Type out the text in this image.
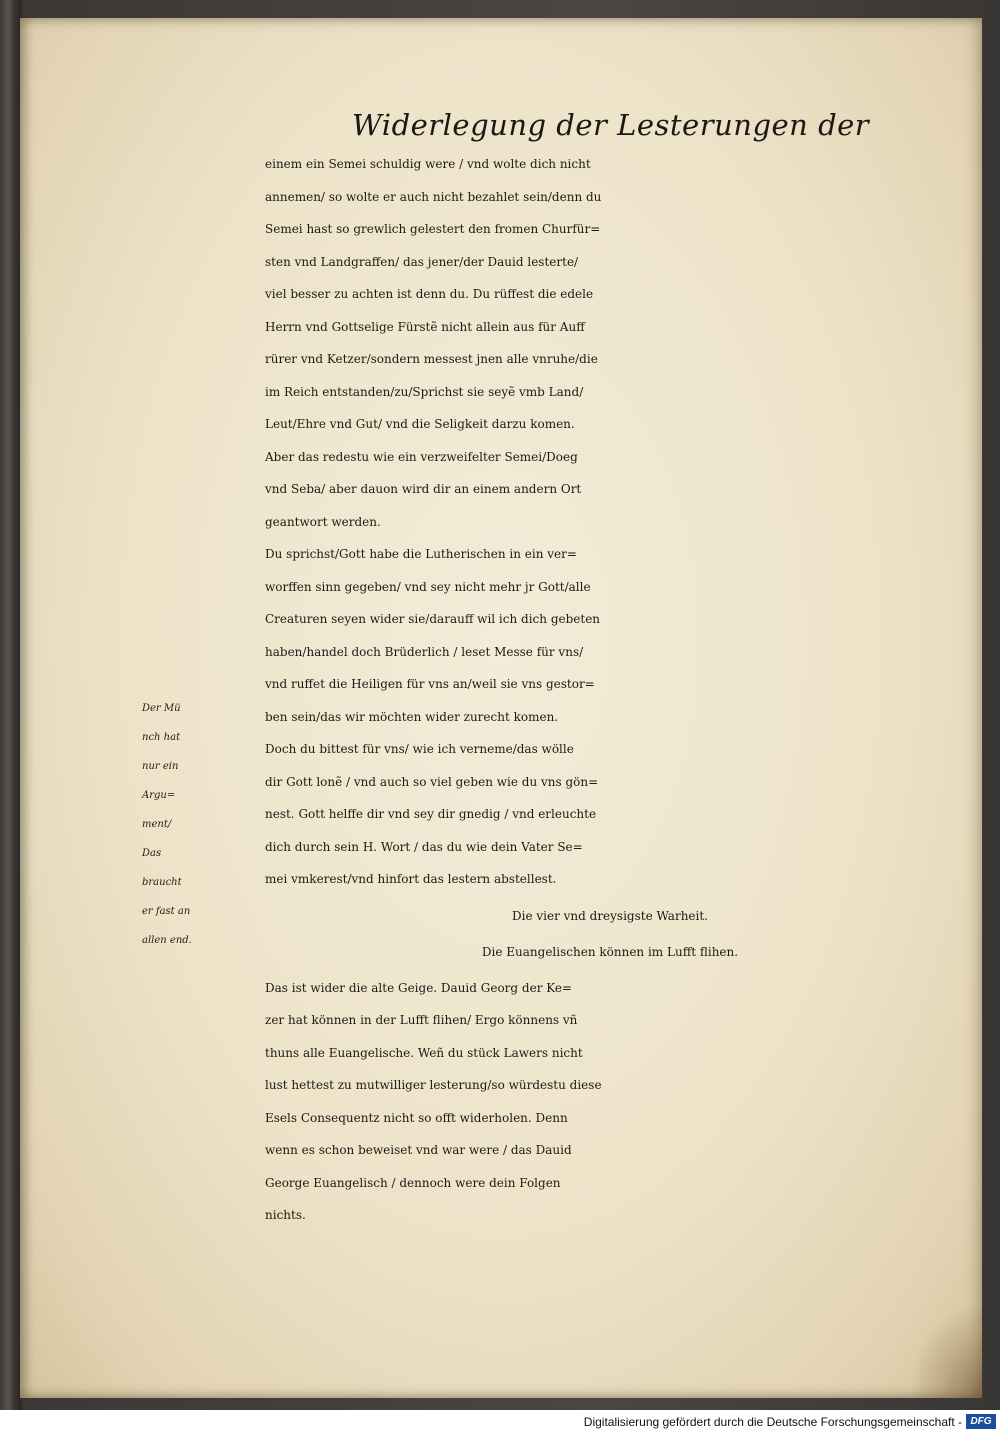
Widerlegung der Lesterungen der
einem ein Semei schuldig were / vnd wolte dich nicht
annemen/ so wolte er auch nicht bezahlet sein/denn du
Semei hast so grewlich gelestert den fromen Churfür=
sten vnd Landgraffen/ das jener/der Dauid lesterte/
viel besser zu achten ist denn du. Du rüffest die edele
Herrn vnd Gottselige Fürstẽ nicht allein aus für Auff
rürer vnd Ketzer/sondern messest jnen alle vnruhe/die
im Reich entstanden/zu/Sprichst sie seyẽ vmb Land/
Leut/Ehre vnd Gut/ vnd die Seligkeit darzu komen.
Aber das redestu wie ein verzweifelter Semei/Doeg
vnd Seba/ aber dauon wird dir an einem andern Ort
geantwort werden.
Du sprichst/Gott habe die Lutherischen in ein ver=
worffen sinn gegeben/ vnd sey nicht mehr jr Gott/alle
Creaturen seyen wider sie/darauff wil ich dich gebeten
haben/handel doch Brüderlich / leset Messe für vns/
vnd ruffet die Heiligen für vns an/weil sie vns gestor=
ben sein/das wir möchten wider zurecht komen.
Doch du bittest für vns/ wie ich verneme/das wölle
dir Gott lonẽ / vnd auch so viel geben wie du vns gön=
nest. Gott helffe dir vnd sey dir gnedig / vnd erleuchte
dich durch sein H. Wort / das du wie dein Vater Se=
mei vmkerest/vnd hinfort das lestern abstellest.
Die vier vnd dreysigste Warheit.
Die Euangelischen können im Lufft flihen.
Das ist wider die alte Geige. Dauid Georg der Ke=
zer hat können in der Lufft flihen/ Ergo könnens vñ
thuns alle Euangelische. Weñ du stück Lawers nicht
lust hettest zu mutwilliger lesterung/so würdestu diese
Esels Consequentz nicht so offt widerholen. Denn
wenn es schon beweiset vnd war were / das Dauid
George Euangelisch / dennoch were dein Folgen
nichts.
Der Mü
nch hat
nur ein
Argu=
ment/
Das
braucht
er fast an
allen end.
Digitalisierung gefördert durch die Deutsche Forschungsgemeinschaft - DFG
